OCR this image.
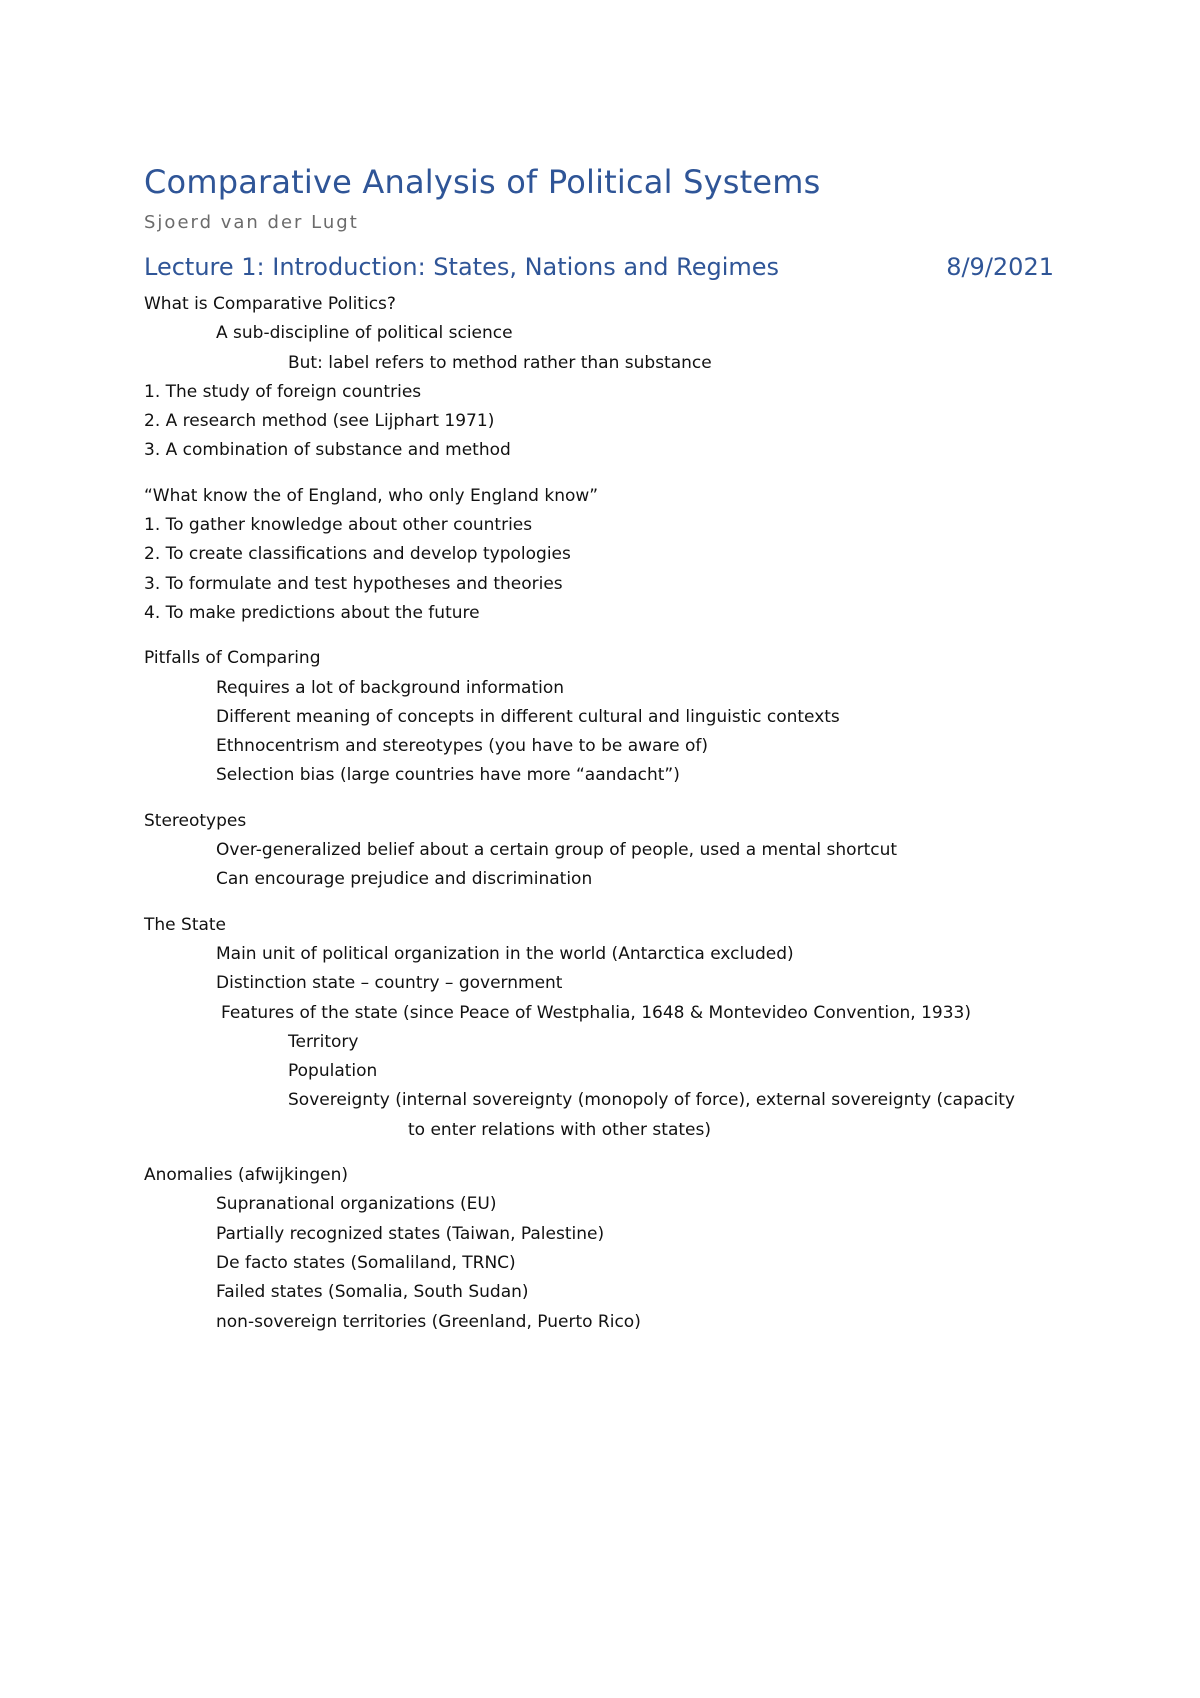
Comparative Analysis of Political Systems
Sjoerd van der Lugt
Lecture 1: Introduction: States, Nations and Regimes	8/9/2021
What is Comparative Politics?
A sub-discipline of political science
But: label refers to method rather than substance
1. The study of foreign countries
2. A research method (see Lijphart 1971)
3. A combination of substance and method
“What know the of England, who only England know”
1. To gather knowledge about other countries
2. To create classifications and develop typologies
3. To formulate and test hypotheses and theories
4. To make predictions about the future
Pitfalls of Comparing
Requires a lot of background information
Different meaning of concepts in different cultural and linguistic contexts
Ethnocentrism and stereotypes (you have to be aware of)
Selection bias (large countries have more “aandacht”)
Stereotypes
Over-generalized belief about a certain group of people, used a mental shortcut
Can encourage prejudice and discrimination
The State
Main unit of political organization in the world (Antarctica excluded)
Distinction state – country – government
Features of the state (since Peace of Westphalia, 1648 & Montevideo Convention, 1933)
Territory
Population
Sovereignty (internal sovereignty (monopoly of force), external sovereignty (capacity
to enter relations with other states)
Anomalies (afwijkingen)
Supranational organizations (EU)
Partially recognized states (Taiwan, Palestine)
De facto states (Somaliland, TRNC)
Failed states (Somalia, South Sudan)
non-sovereign territories (Greenland, Puerto Rico)
